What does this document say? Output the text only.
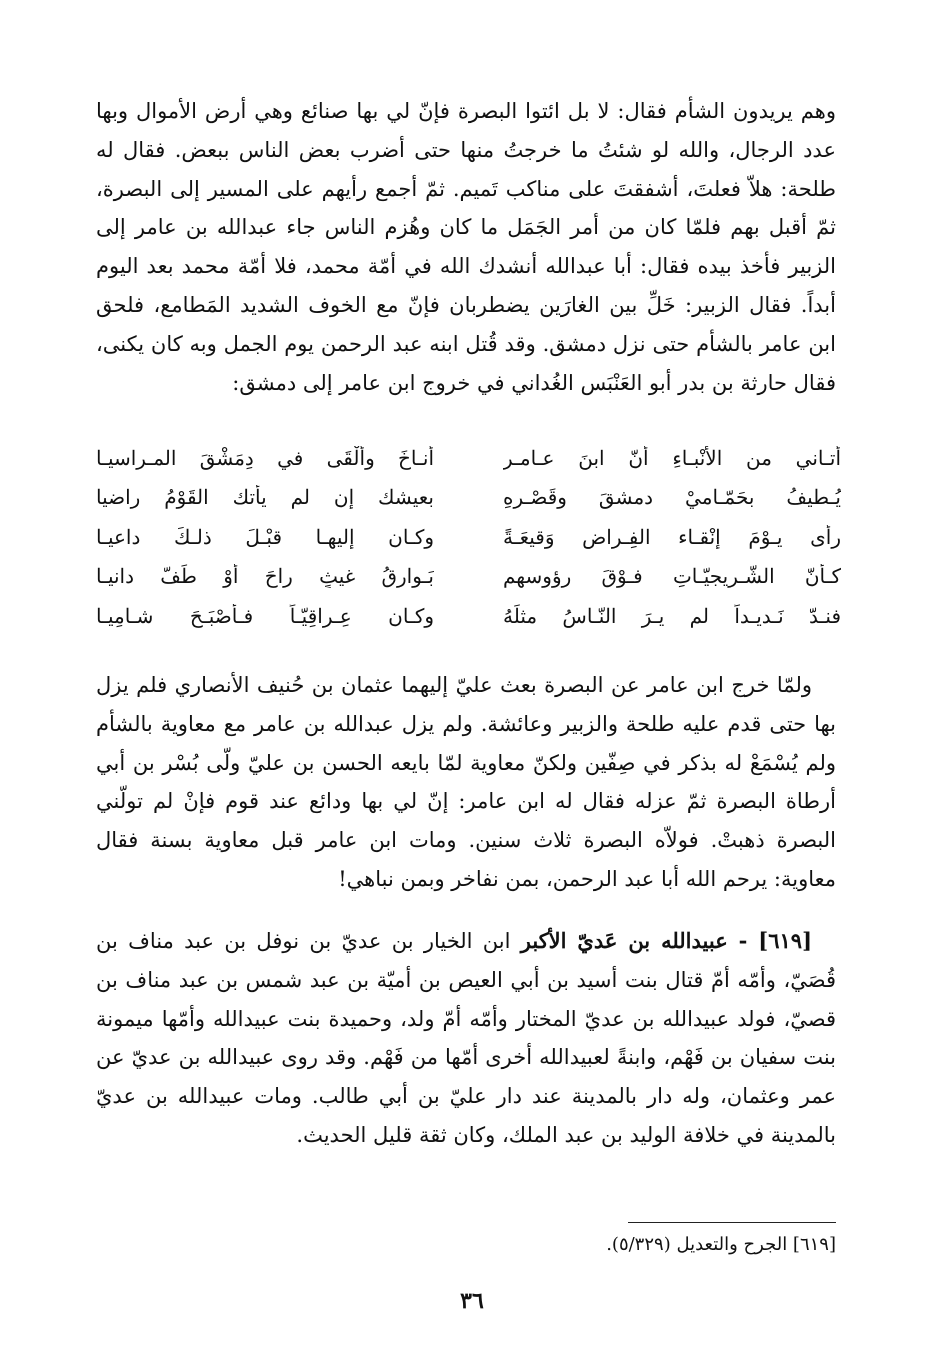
وهم يريدون الشأم فقال: لا بل ائتوا البصرة فإنّ لي بها صنائع وهي أرض الأموال وبها عدد الرجال، والله لو شئتُ ما خرجتُ منها حتى أضرب بعض الناس ببعض. فقال له طلحة: هلاّ فعلتَ، أشفقتَ على مناكب تَميم. ثمّ أجمع رأيهم على المسير إلى البصرة، ثمّ أقبل بهم فلمّا كان من أمر الجَمَل ما كان وهُزم الناس جاء عبدالله بن عامر إلى الزبير فأخذ بيده فقال: أبا عبدالله أنشدك الله في أمّة محمد، فلا أمّة محمد بعد اليوم أبداً. فقال الزبير: خَلِّ بين الغارَين يضطربان فإنّ مع الخوف الشديد المَطامع، فلحق ابن عامر بالشأم حتى نزل دمشق. وقد قُتل ابنه عبد الرحمن يوم الجمل وبه كان يكنى، فقال حارثة بن بدر أبو العَنْبَس الغُداني في خروج ابن عامر إلى دمشق:

أتـاني من الأنْبـاءِ أنّ ابنَ عـامـرٍ
أنـاخَ وألْقَى في دِمَشْقَ المـراسيـا
يُـطيفُ بحَمّـاميْ دمشقَ وقَصْـرِهِ
بعيشك إن لم يأتك القَوْمُ راضيا
رأى يـوْمَ إنْقـاء الفِـراضِ وَقيعَـةً
وكـان إليهـا قبْـلَ ذلـكَ داعيـا
كـأنّ الشّـريجيّـاتِ فـوْقَ رؤوسهم
بَـوارِقُ غيثٍ راحَ أوْ طَفّ دانيـا
فنـدّ نَـديـداً لم يـرَ النّـاسُ مثلَهُ
وكـان عِـراقِيّـاً فـأصْبَـحَ شـامِيـا

ولمّا خرج ابن عامر عن البصرة بعث عليّ إليهما عثمان بن حُنيف الأنصاري فلم يزل بها حتى قدم عليه طلحة والزبير وعائشة. ولم يزل عبدالله بن عامر مع معاوية بالشأم ولم يُسْمَعْ له بذكر في صِفّين ولكنّ معاوية لمّا بايعه الحسن بن عليّ ولّى بُسْر بن أبي أرطاة البصرة ثمّ عزله فقال له ابن عامر: إنّ لي بها ودائع عند قوم فإنْ لم تولّني البصرة ذهبتْ. فولاّه البصرة ثلاث سنين. ومات ابن عامر قبل معاوية بسنة فقال معاوية: يرحم الله أبا عبد الرحمن، بمن نفاخر وبمن نباهي!

[٦١٩] - عبيدالله بن عَديّ الأكبر ابن الخيار بن عديّ بن نوفل بن عبد مناف بن قُصَيّ، وأمّه أمّ قتال بنت أسيد بن أبي العيص بن أميّة بن عبد شمس بن عبد مناف بن قصيّ، فولد عبيدالله بن عديّ المختار وأمّه أمّ ولد، وحميدة بنت عبيدالله وأمّها ميمونة بنت سفيان بن فَهْم، وابنةً لعبيدالله أخرى أمّها من فَهْم. وقد روى عبيدالله بن عديّ عن عمر وعثمان، وله دار بالمدينة عند دار عليّ بن أبي طالب. ومات عبيدالله بن عديّ بالمدينة في خلافة الوليد بن عبد الملك، وكان ثقة قليل الحديث.

[٦١٩] الجرح والتعديل (٥/٣٢٩).
٣٦
